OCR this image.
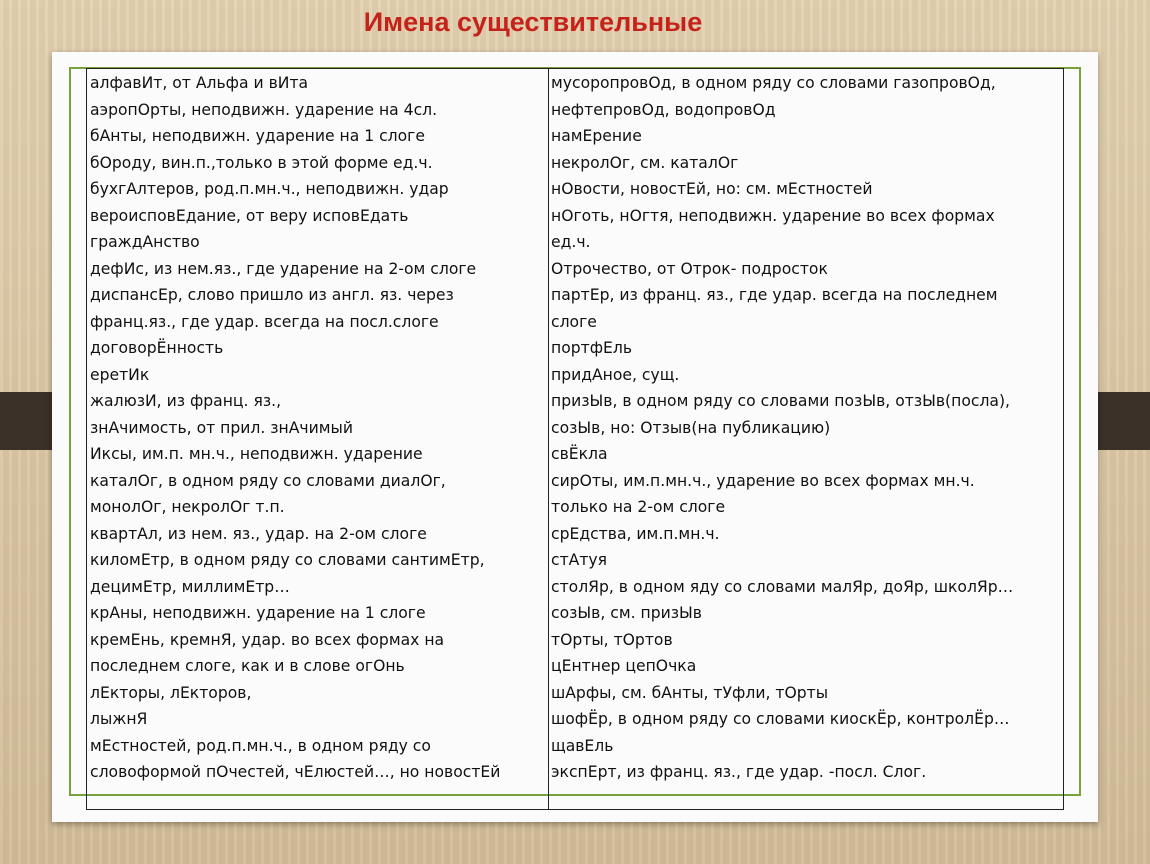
Имена существительные
алфавИт, от Альфа и вИта
аэропОрты, неподвижн. ударение на 4сл.
бАнты, неподвижн. ударение на 1 слоге
бОроду, вин.п.,только в этой форме ед.ч.
бухгАлтеров, род.п.мн.ч., неподвижн. удар
вероисповЕдание, от веру исповЕдать
граждАнство
дефИс, из нем.яз., где ударение на 2-ом слоге
диспансЕр, слово пришло из англ. яз. через
франц.яз., где удар. всегда на посл.слоге
договорЁнность
еретИк
жалюзИ, из франц. яз.,
знАчимость, от прил. знАчимый
Иксы, им.п. мн.ч., неподвижн. ударение
каталОг, в одном ряду со словами диалОг,
монолОг, некролОг т.п.
квартАл, из нем. яз., удар. на 2-ом слоге
киломЕтр, в одном ряду со словами сантимЕтр,
децимЕтр, миллимЕтр…
крАны, неподвижн. ударение на 1 слоге
кремЕнь, кремнЯ, удар. во всех формах на
последнем слоге, как и в слове огОнь
лЕкторы, лЕкторов,
лыжнЯ
мЕстностей, род.п.мн.ч., в одном ряду со
словоформой пОчестей, чЕлюстей…, но новостЕй
мусоропровОд, в одном ряду со словами газопровОд,
нефтепровОд, водопровОд
намЕрение
некролОг, см. каталОг
нОвости, новостЕй, но: см. мЕстностей
нОготь, нОгтя, неподвижн. ударение во всех формах
ед.ч.
Отрочество, от Отрок- подросток
партЕр, из франц. яз., где удар. всегда на последнем
слоге
портфЕль
придАное, сущ.
призЫв, в одном ряду со словами позЫв, отзЫв(посла),
созЫв, но: Отзыв(на публикацию)
свЁкла
сирОты, им.п.мн.ч., ударение во всех формах мн.ч.
только на 2-ом слоге
срЕдства, им.п.мн.ч.
стАтуя
столЯр, в одном яду со словами малЯр, доЯр, школЯр…
созЫв, см. призЫв
тОрты, тОртов
цЕнтнер цепОчка
шАрфы, см. бАнты, тУфли, тОрты
шофЁр, в одном ряду со словами киоскЁр, контролЁр…
щавЕль
экспЕрт, из франц. яз., где удар. -посл. Слог.
